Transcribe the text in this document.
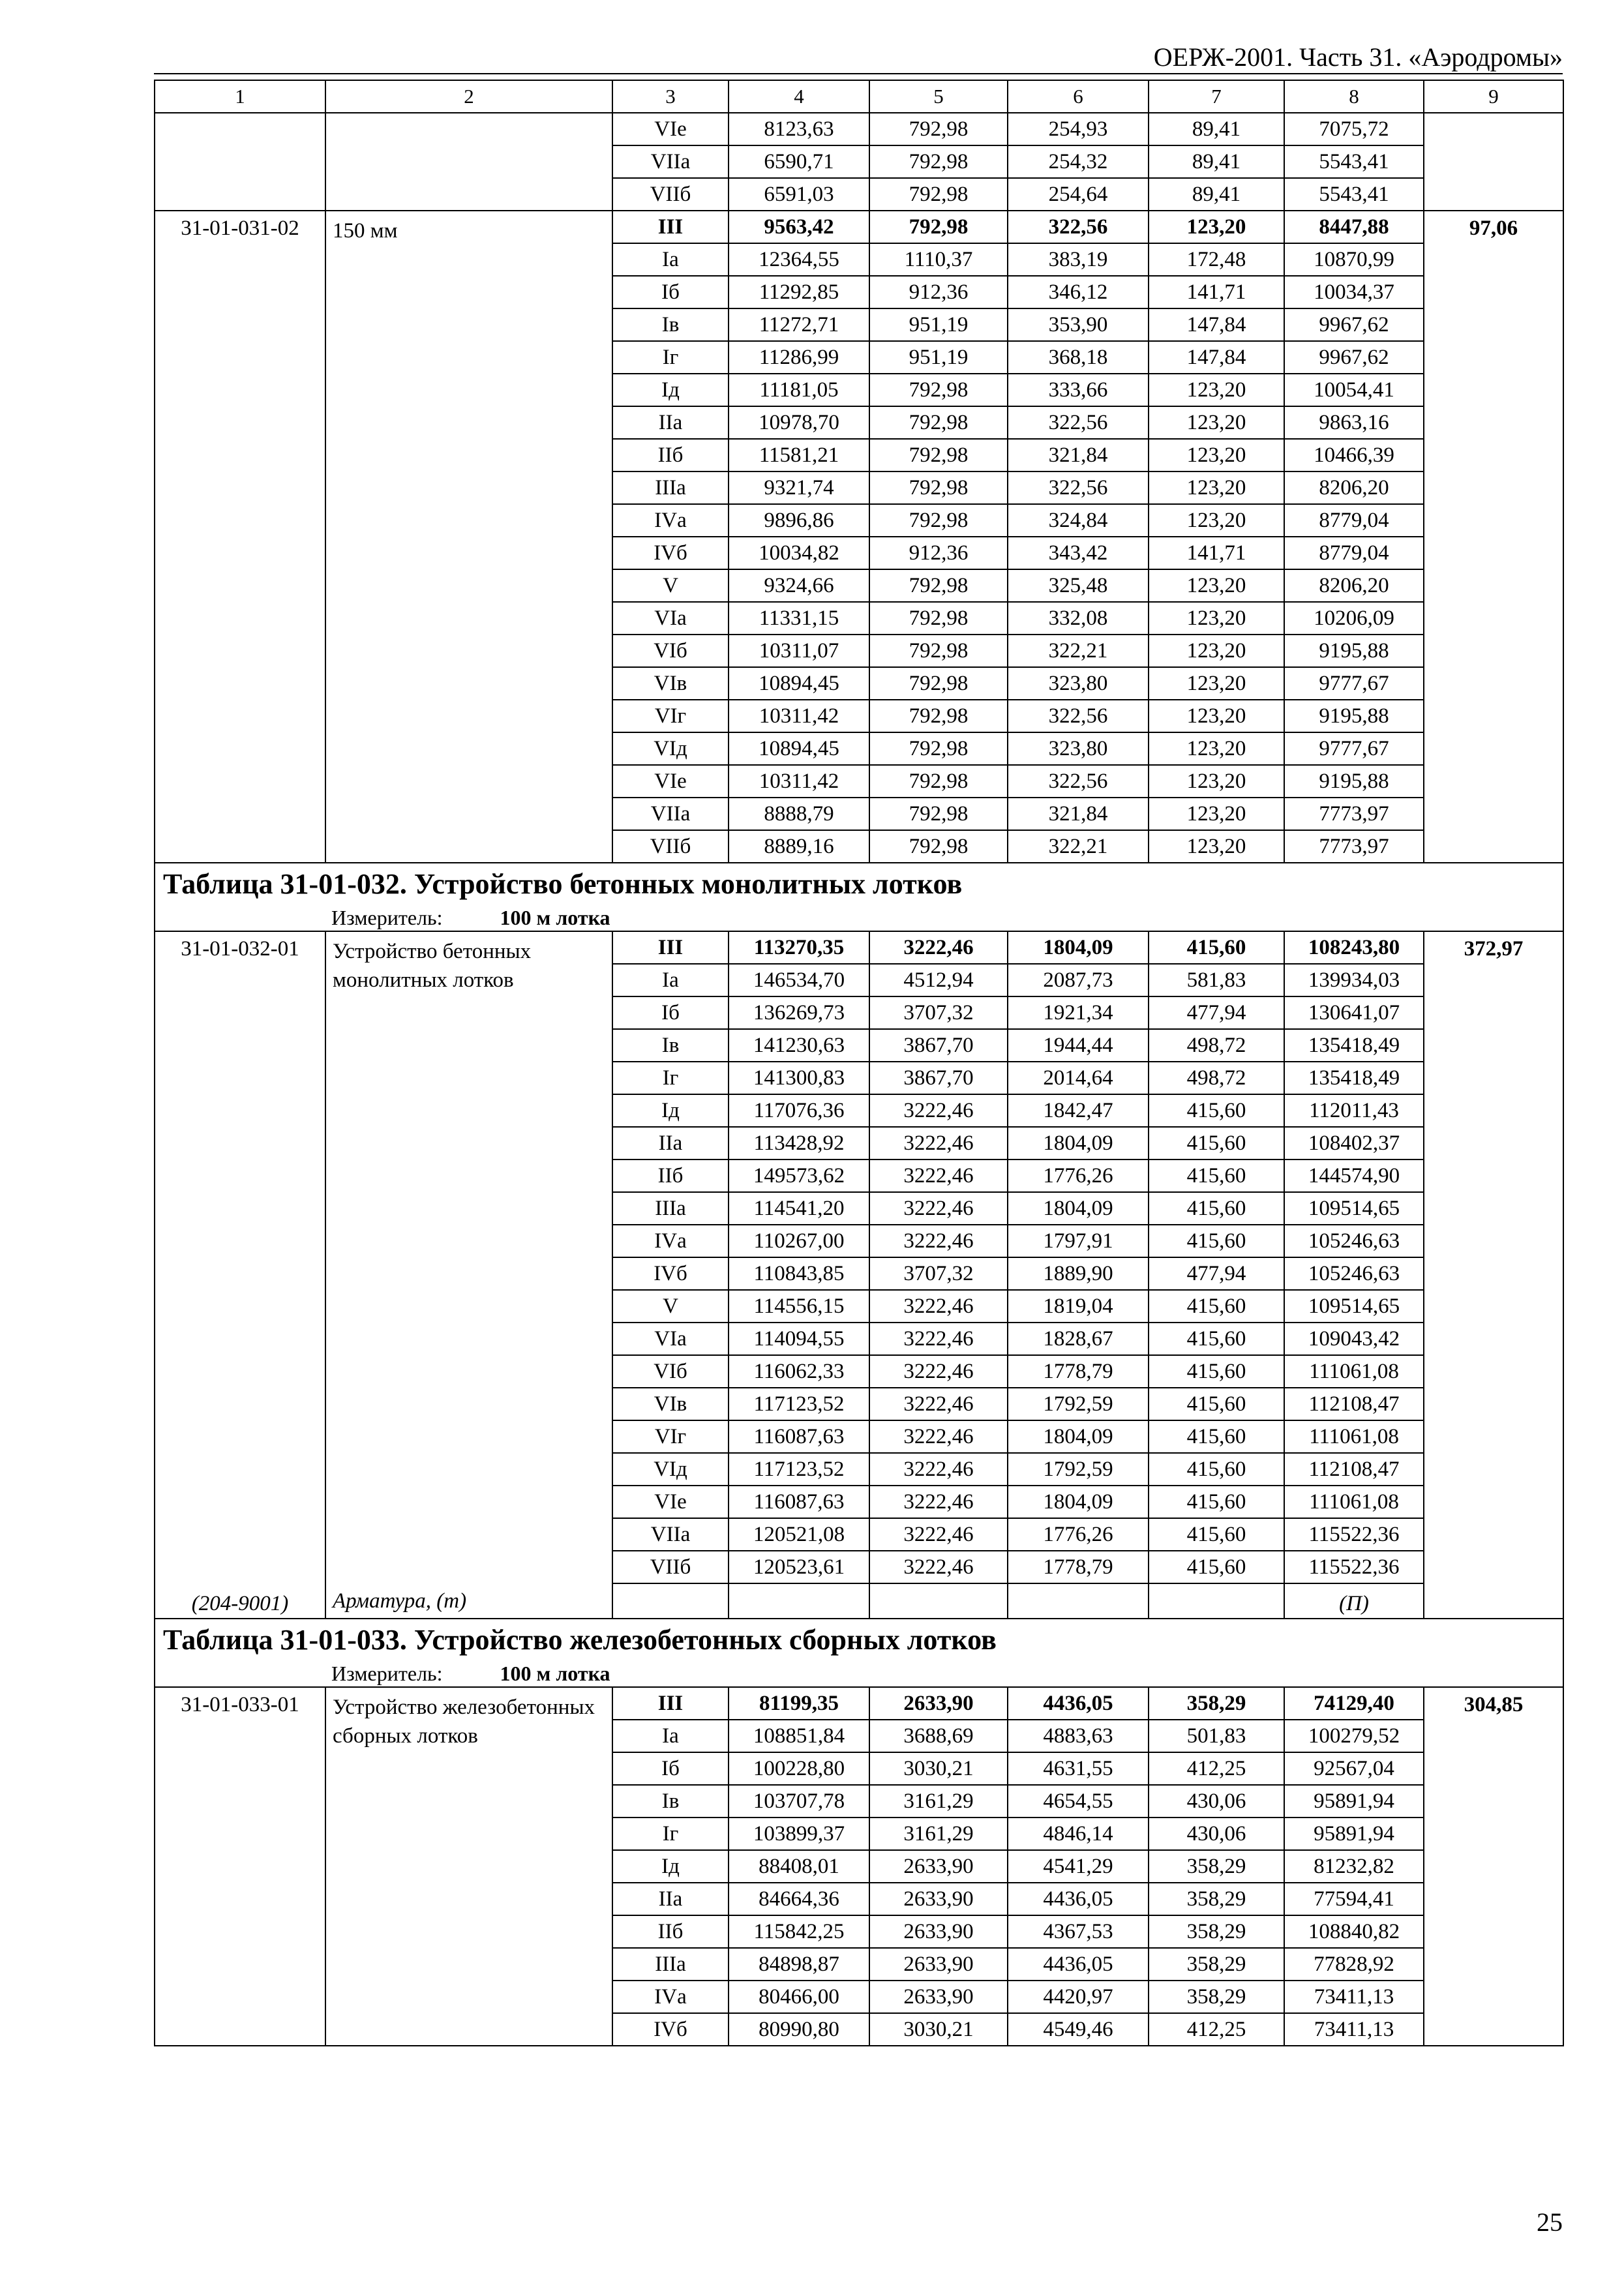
ОЕРЖ-2001. Часть 31. «Аэродромы»
1	2	3	4	5	6	7	8	9
		VIе	8123,63	792,98	254,93	89,41	7075,72	
		VIIа	6590,71	792,98	254,32	89,41	5543,41	
		VIIб	6591,03	792,98	254,64	89,41	5543,41	
31-01-031-02	150 мм	III	9563,42	792,98	322,56	123,20	8447,88	97,06
		Iа	12364,55	1110,37	383,19	172,48	10870,99	
		Iб	11292,85	912,36	346,12	141,71	10034,37	
		Iв	11272,71	951,19	353,90	147,84	9967,62	
		Iг	11286,99	951,19	368,18	147,84	9967,62	
		Iд	11181,05	792,98	333,66	123,20	10054,41	
		IIа	10978,70	792,98	322,56	123,20	9863,16	
		IIб	11581,21	792,98	321,84	123,20	10466,39	
		IIIа	9321,74	792,98	322,56	123,20	8206,20	
		IVа	9896,86	792,98	324,84	123,20	8779,04	
		IVб	10034,82	912,36	343,42	141,71	8779,04	
		V	9324,66	792,98	325,48	123,20	8206,20	
		VIа	11331,15	792,98	332,08	123,20	10206,09	
		VIб	10311,07	792,98	322,21	123,20	9195,88	
		VIв	10894,45	792,98	323,80	123,20	9777,67	
		VIг	10311,42	792,98	322,56	123,20	9195,88	
		VIд	10894,45	792,98	323,80	123,20	9777,67	
		VIе	10311,42	792,98	322,56	123,20	9195,88	
		VIIа	8888,79	792,98	321,84	123,20	7773,97	
		VIIб	8889,16	792,98	322,21	123,20	7773,97	
Таблица 31-01-032. Устройство бетонных монолитных лотков								
Измеритель: 100 м лотка								
31-01-032-01	Устройство бетонных монолитных лотков	III	113270,35	3222,46	1804,09	415,60	108243,80	372,97
		Iа	146534,70	4512,94	2087,73	581,83	139934,03	
		Iб	136269,73	3707,32	1921,34	477,94	130641,07	
		Iв	141230,63	3867,70	1944,44	498,72	135418,49	
		Iг	141300,83	3867,70	2014,64	498,72	135418,49	
		Iд	117076,36	3222,46	1842,47	415,60	112011,43	
		IIа	113428,92	3222,46	1804,09	415,60	108402,37	
		IIб	149573,62	3222,46	1776,26	415,60	144574,90	
		IIIа	114541,20	3222,46	1804,09	415,60	109514,65	
		IVа	110267,00	3222,46	1797,91	415,60	105246,63	
		IVб	110843,85	3707,32	1889,90	477,94	105246,63	
		V	114556,15	3222,46	1819,04	415,60	109514,65	
		VIа	114094,55	3222,46	1828,67	415,60	109043,42	
		VIб	116062,33	3222,46	1778,79	415,60	111061,08	
		VIв	117123,52	3222,46	1792,59	415,60	112108,47	
		VIг	116087,63	3222,46	1804,09	415,60	111061,08	
		VIд	117123,52	3222,46	1792,59	415,60	112108,47	
		VIе	116087,63	3222,46	1804,09	415,60	111061,08	
		VIIа	120521,08	3222,46	1776,26	415,60	115522,36	
		VIIб	120523,61	3222,46	1778,79	415,60	115522,36	
(204-9001)	Арматура, (т)						(П)	
Таблица 31-01-033. Устройство железобетонных сборных лотков								
Измеритель: 100 м лотка								
31-01-033-01	Устройство железобетонных сборных лотков	III	81199,35	2633,90	4436,05	358,29	74129,40	304,85
		Iа	108851,84	3688,69	4883,63	501,83	100279,52	
		Iб	100228,80	3030,21	4631,55	412,25	92567,04	
		Iв	103707,78	3161,29	4654,55	430,06	95891,94	
		Iг	103899,37	3161,29	4846,14	430,06	95891,94	
		Iд	88408,01	2633,90	4541,29	358,29	81232,82	
		IIа	84664,36	2633,90	4436,05	358,29	77594,41	
		IIб	115842,25	2633,90	4367,53	358,29	108840,82	
		IIIа	84898,87	2633,90	4436,05	358,29	77828,92	
		IVа	80466,00	2633,90	4420,97	358,29	73411,13	
		IVб	80990,80	3030,21	4549,46	412,25	73411,13	
25
